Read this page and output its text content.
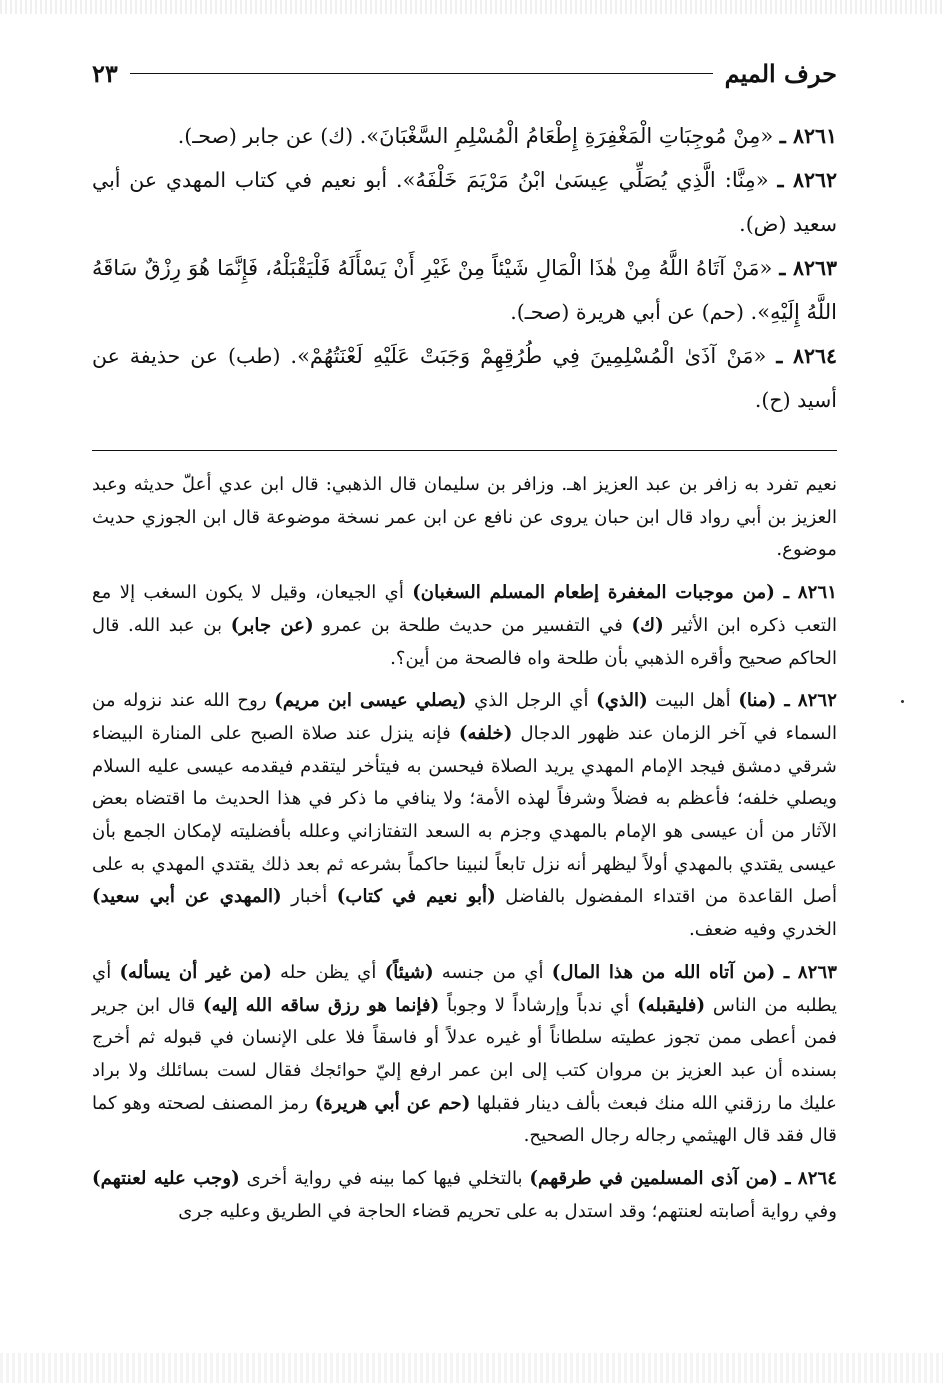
حرف الميم
٢٣

٨٢٦١ ـ «مِنْ مُوجِبَاتِ الْمَغْفِرَةِ إِطْعَامُ الْمُسْلِمِ السَّغْبَانَ». (ك) عن جابر (صحـ).

٨٢٦٢ ـ «مِنَّا: الَّذِي يُصَلِّي عِيسَىٰ ابْنُ مَرْيَمَ خَلْفَهُ». أبو نعيم في كتاب المهدي عن أبي سعيد (ض).

٨٢٦٣ ـ «مَنْ آتَاهُ اللَّهُ مِنْ هٰذَا الْمَالِ شَيْئاً مِنْ غَيْرِ أَنْ يَسْأَلَهُ فَلْيَقْبَلْهُ، فَإِنَّمَا هُوَ رِزْقٌ سَاقَهُ اللَّهُ إِلَيْهِ». (حم) عن أبي هريرة (صحـ).

٨٢٦٤ ـ «مَنْ آذَىٰ الْمُسْلِمِينَ فِي طُرُقِهِمْ وَجَبَتْ عَلَيْهِ لَعْنَتُهُمْ». (طب) عن حذيفة عن أسيد (ح).

نعيم تفرد به زافر بن عبد العزيز اهـ. وزافر بن سليمان قال الذهبي: قال ابن عدي أعلّ حديثه وعبد العزيز بن أبي رواد قال ابن حبان يروى عن نافع عن ابن عمر نسخة موضوعة قال ابن الجوزي حديث موضوع.

٨٢٦١ ـ (من موجبات المغفرة إطعام المسلم السغبان) أي الجيعان، وقيل لا يكون السغب إلا مع التعب ذكره ابن الأثير (ك) في التفسير من حديث طلحة بن عمرو (عن جابر) بن عبد الله. قال الحاكم صحيح وأقره الذهبي بأن طلحة واه فالصحة من أين؟.

٨٢٦٢ ـ (منا) أهل البيت (الذي) أي الرجل الذي (يصلي عيسى ابن مريم) روح الله عند نزوله من السماء في آخر الزمان عند ظهور الدجال (خلفه) فإنه ينزل عند صلاة الصبح على المنارة البيضاء شرقي دمشق فيجد الإمام المهدي يريد الصلاة فيحسن به فيتأخر ليتقدم فيقدمه عيسى عليه السلام ويصلي خلفه؛ فأعظم به فضلاً وشرفاً لهذه الأمة؛ ولا ينافي ما ذكر في هذا الحديث ما اقتضاه بعض الآثار من أن عيسى هو الإمام بالمهدي وجزم به السعد التفتازاني وعلله بأفضليته لإمكان الجمع بأن عيسى يقتدي بالمهدي أولاً ليظهر أنه نزل تابعاً لنبينا حاكماً بشرعه ثم بعد ذلك يقتدي المهدي به على أصل القاعدة من اقتداء المفضول بالفاضل (أبو نعيم في كتاب) أخبار (المهدي عن أبي سعيد) الخدري وفيه ضعف.

٨٢٦٣ ـ (من آتاه الله من هذا المال) أي من جنسه (شيئاً) أي يظن حله (من غير أن يسأله) أي يطلبه من الناس (فليقبله) أي ندباً وإرشاداً لا وجوباً (فإنما هو رزق ساقه الله إليه) قال ابن جرير فمن أعطى ممن تجوز عطيته سلطاناً أو غيره عدلاً أو فاسقاً فلا على الإنسان في قبوله ثم أخرج بسنده أن عبد العزيز بن مروان كتب إلى ابن عمر ارفع إليّ حوائجك فقال لست بسائلك ولا براد عليك ما رزقني الله منك فبعث بألف دينار فقبلها (حم عن أبي هريرة) رمز المصنف لصحته وهو كما قال فقد قال الهيثمي رجاله رجال الصحيح.

٨٢٦٤ ـ (من آذى المسلمين في طرقهم) بالتخلي فيها كما بينه في رواية أخرى (وجب عليه لعنتهم) وفي رواية أصابته لعنتهم؛ وقد استدل به على تحريم قضاء الحاجة في الطريق وعليه جرى
